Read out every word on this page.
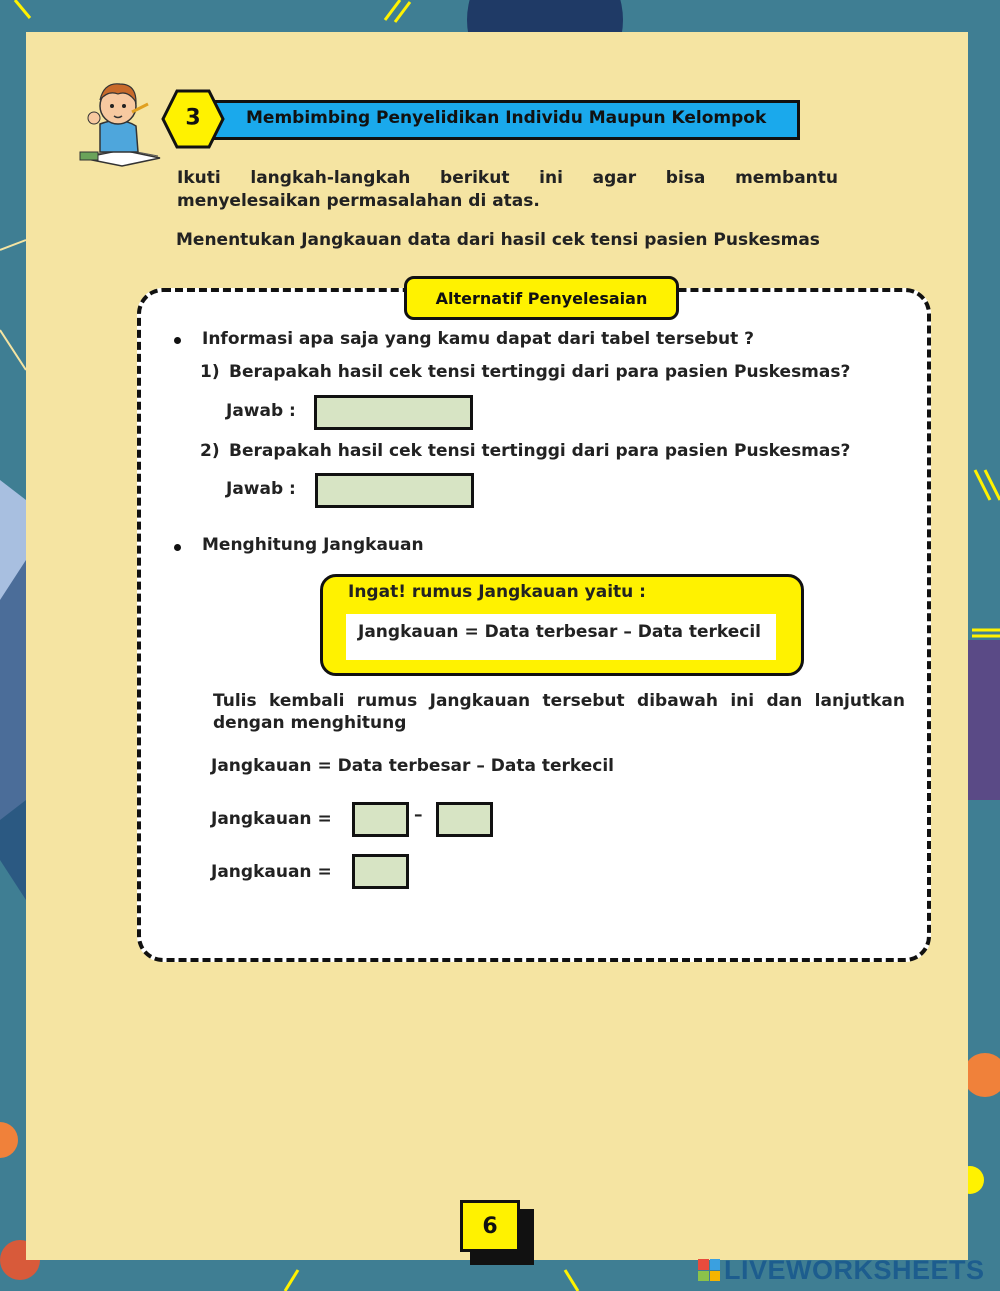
3	Membimbing Penyelidikan Individu Maupun Kelompok
Ikuti langkah-langkah berikut ini agar bisa membantu menyelesaikan permasalahan di atas.
Menentukan Jangkauan data dari hasil cek tensi pasien Puskesmas
Alternatif Penyelesaian
Informasi apa saja yang kamu dapat dari tabel tersebut ?
1) Berapakah hasil cek tensi tertinggi dari para pasien Puskesmas?
Jawab :
2) Berapakah hasil cek tensi tertinggi dari para pasien Puskesmas?
Jawab :
Menghitung Jangkauan
Ingat! rumus Jangkauan yaitu :
Jangkauan = Data terbesar – Data terkecil
Tulis kembali rumus Jangkauan tersebut dibawah ini dan lanjutkan dengan menghitung
Jangkauan = Data terbesar – Data terkecil
Jangkauan =	–
Jangkauan =
6
LIVEWORKSHEETS
